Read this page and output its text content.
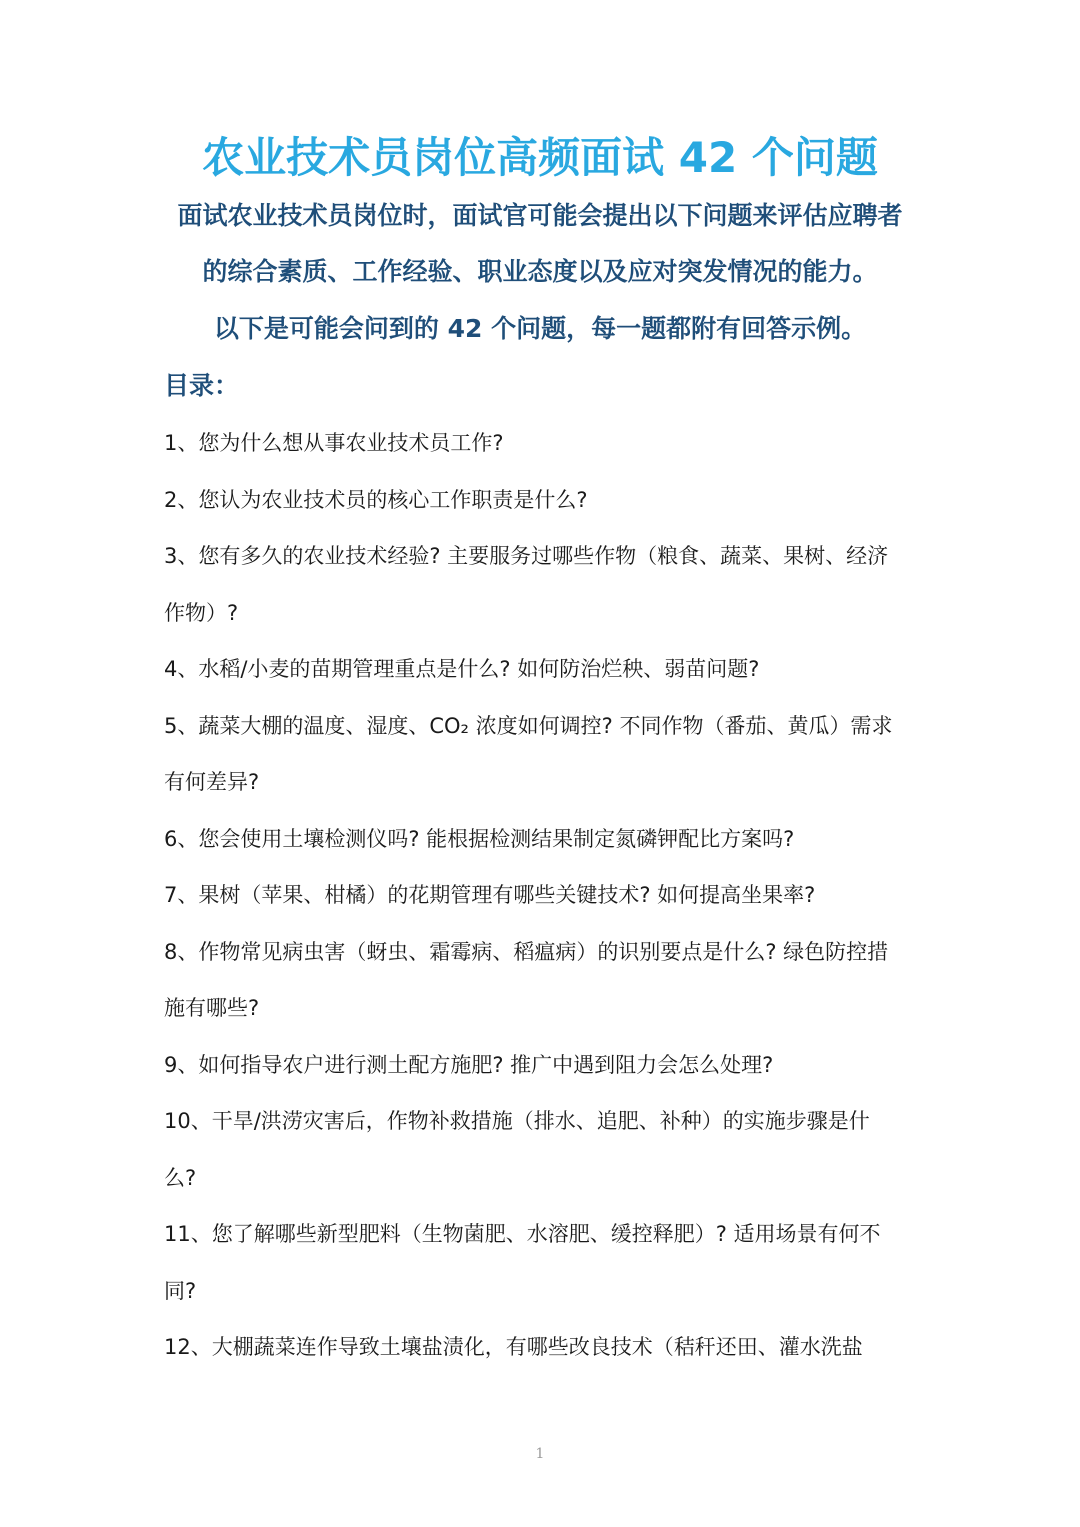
农业技术员岗位高频面试 42 个问题
面试农业技术员岗位时，面试官可能会提出以下问题来评估应聘者
的综合素质、工作经验、职业态度以及应对突发情况的能力。
以下是可能会问到的 42 个问题，每一题都附有回答示例。
目录：
1、您为什么想从事农业技术员工作?
2、您认为农业技术员的核心工作职责是什么?
3、您有多久的农业技术经验? 主要服务过哪些作物（粮食、蔬菜、果树、经济
作物）?
4、水稻/小麦的苗期管理重点是什么? 如何防治烂秧、弱苗问题?
5、蔬菜大棚的温度、湿度、CO₂ 浓度如何调控? 不同作物（番茄、黄瓜）需求
有何差异?
6、您会使用土壤检测仪吗? 能根据检测结果制定氮磷钾配比方案吗?
7、果树（苹果、柑橘）的花期管理有哪些关键技术? 如何提高坐果率?
8、作物常见病虫害（蚜虫、霜霉病、稻瘟病）的识别要点是什么? 绿色防控措
施有哪些?
9、如何指导农户进行测土配方施肥? 推广中遇到阻力会怎么处理?
10、干旱/洪涝灾害后，作物补救措施（排水、追肥、补种）的实施步骤是什
么?
11、您了解哪些新型肥料（生物菌肥、水溶肥、缓控释肥）? 适用场景有何不
同?
12、大棚蔬菜连作导致土壤盐渍化，有哪些改良技术（秸秆还田、灌水洗盐
1
